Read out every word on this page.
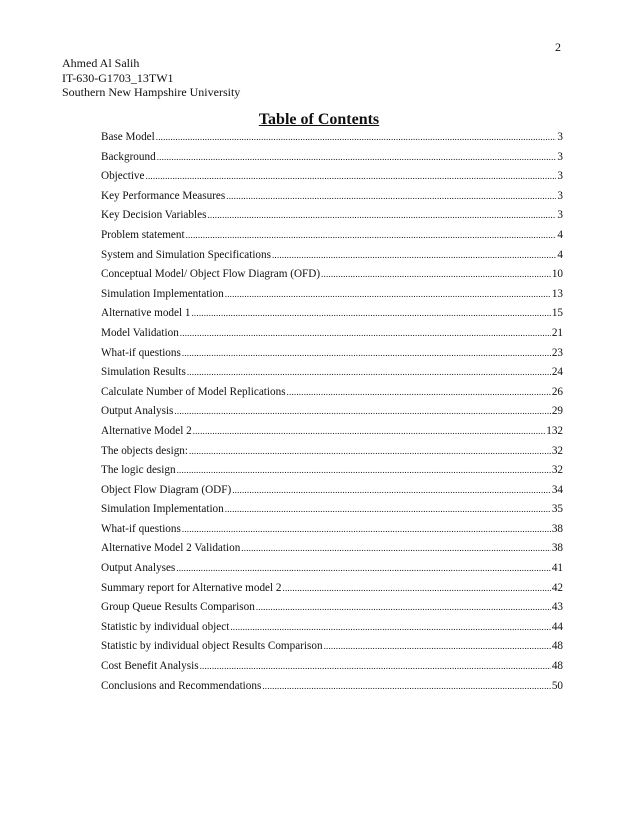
2
Ahmed Al Salih
IT-630-G1703_13TW1
Southern New Hampshire University
Table of Contents
Base Model .....	3
Background .....	3
Objective .....	3
Key Performance Measures .....	3
Key Decision Variables .....	3
Problem statement .....	4
System and Simulation Specifications .....	4
Conceptual Model/ Object Flow Diagram (OFD) .....	10
Simulation Implementation .....	13
Alternative model 1 .....	15
Model Validation .....	21
What-if questions .....	23
Simulation Results .....	24
Calculate Number of Model Replications .....	26
Output Analysis .....	29
Alternative Model 2 .....	132
The objects design: .....	32
The logic design .....	32
Object Flow Diagram (ODF) .....	34
Simulation Implementation .....	35
What-if questions .....	38
Alternative Model 2 Validation .....	38
Output Analyses .....	41
Summary report for Alternative model 2 .....	42
Group Queue Results Comparison .....	43
Statistic by individual object .....	44
Statistic by individual object Results Comparison .....	48
Cost Benefit Analysis .....	48
Conclusions and Recommendations .....	50
